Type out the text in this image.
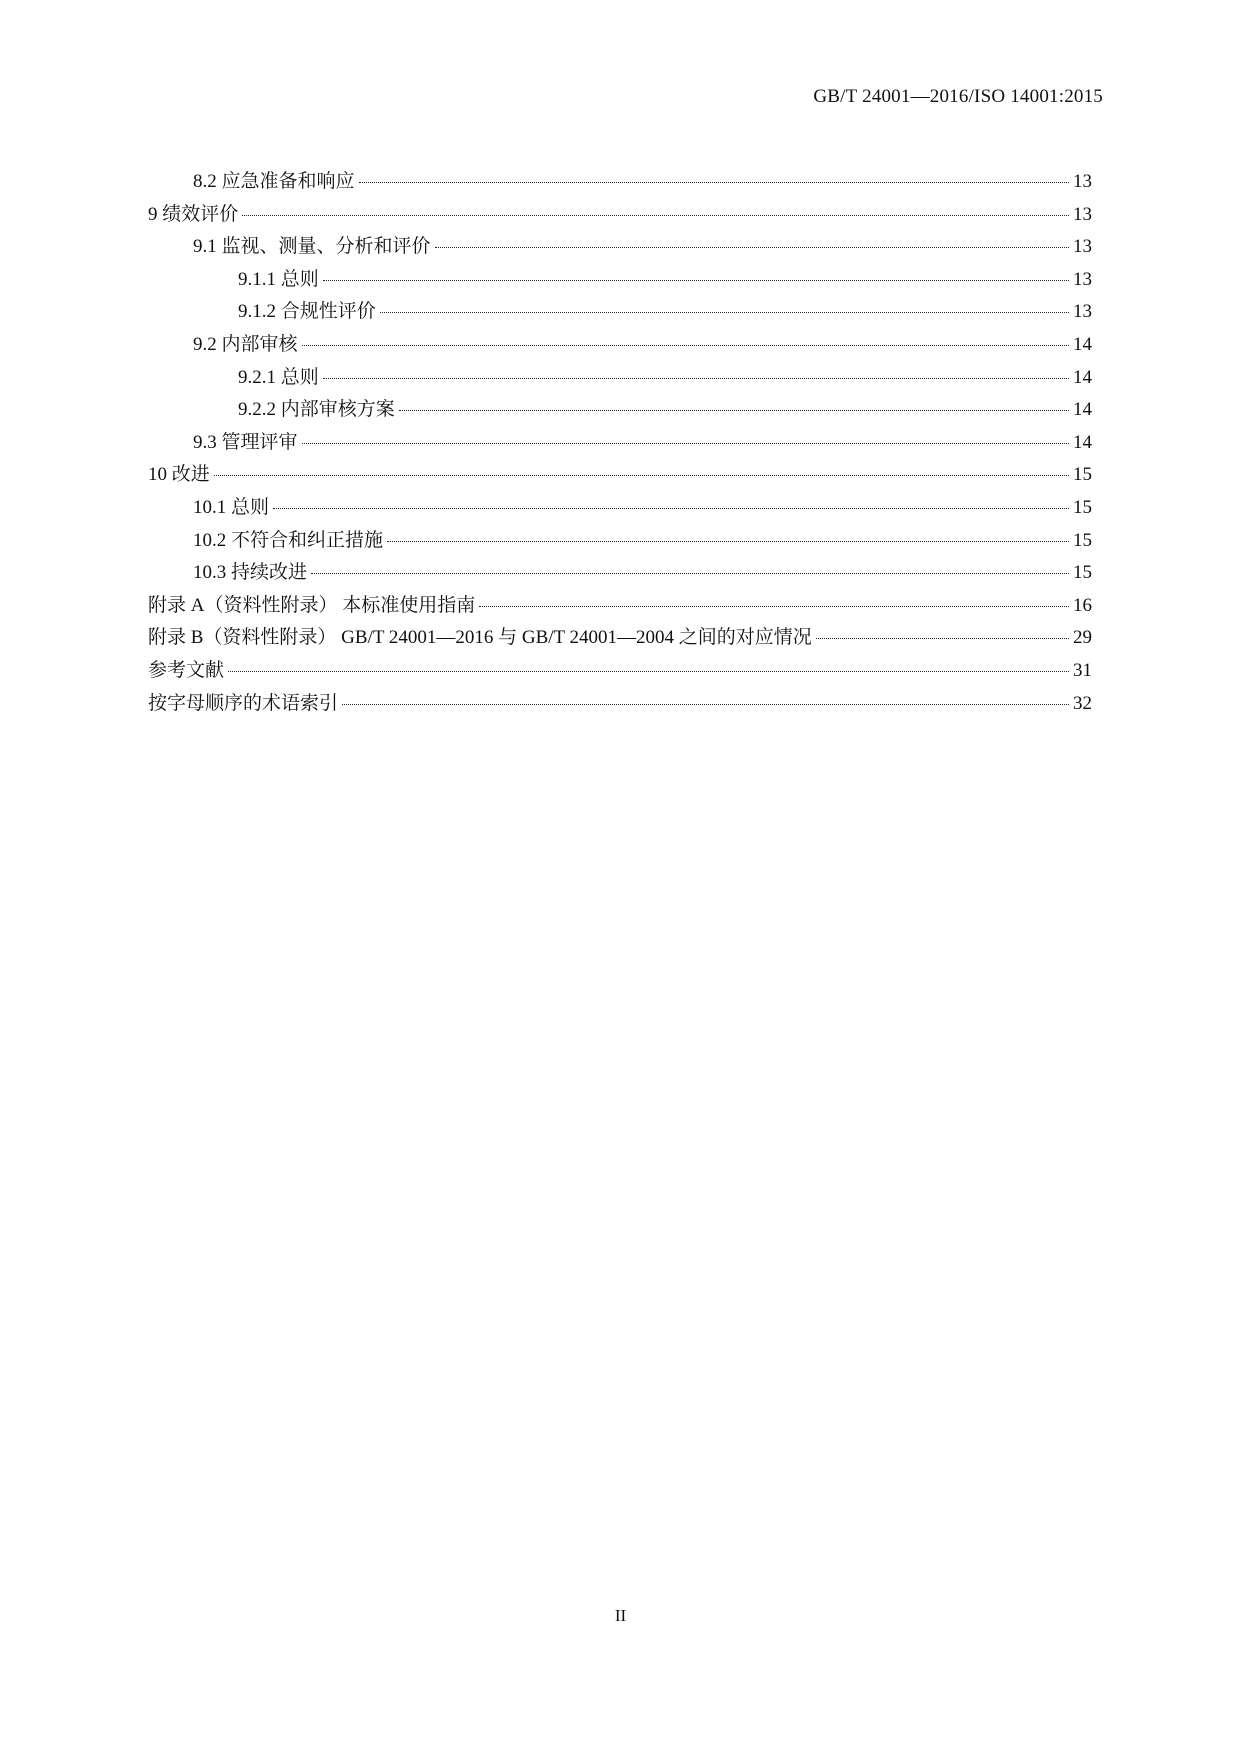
GB/T 24001—2016/ISO 14001:2015
8.2 应急准备和响应	13
9 绩效评价	13
9.1 监视、测量、分析和评价	13
9.1.1 总则	13
9.1.2 合规性评价	13
9.2 内部审核	14
9.2.1 总则	14
9.2.2 内部审核方案	14
9.3 管理评审	14
10 改进	15
10.1 总则	15
10.2 不符合和纠正措施	15
10.3 持续改进	15
附录 A（资料性附录） 本标准使用指南	16
附录 B（资料性附录） GB/T 24001—2016 与 GB/T 24001—2004 之间的对应情况	29
参考文献	31
按字母顺序的术语索引	32
II
